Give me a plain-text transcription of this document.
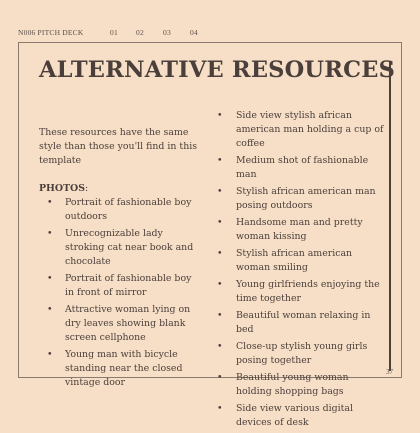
N006 PITCH DECK	01 02	03	04
ALTERNATIVE RESOURCES

These resources have the same style than those you'll find in this template

PHOTOS:

• Portrait of fashionable boy outdoors
• Unrecognizable lady stroking cat near book and chocolate
• Portrait of fashionable boy in front of mirror
• Attractive woman lying on dry leaves showing blank screen cellphone
• Young man with bicycle standing near the closed vintage door
• Side view stylish african american man holding a cup of coffee
• Medium shot of fashionable man
• Stylish african american man posing outdoors
• Handsome man and pretty woman kissing
• Stylish african american woman smiling
• Young girlfriends enjoying the time together
• Beautiful woman relaxing in bed
• Close-up stylish young girls posing together
• Beautiful young woman holding shopping bags
• Side view various digital devices of desk
37
